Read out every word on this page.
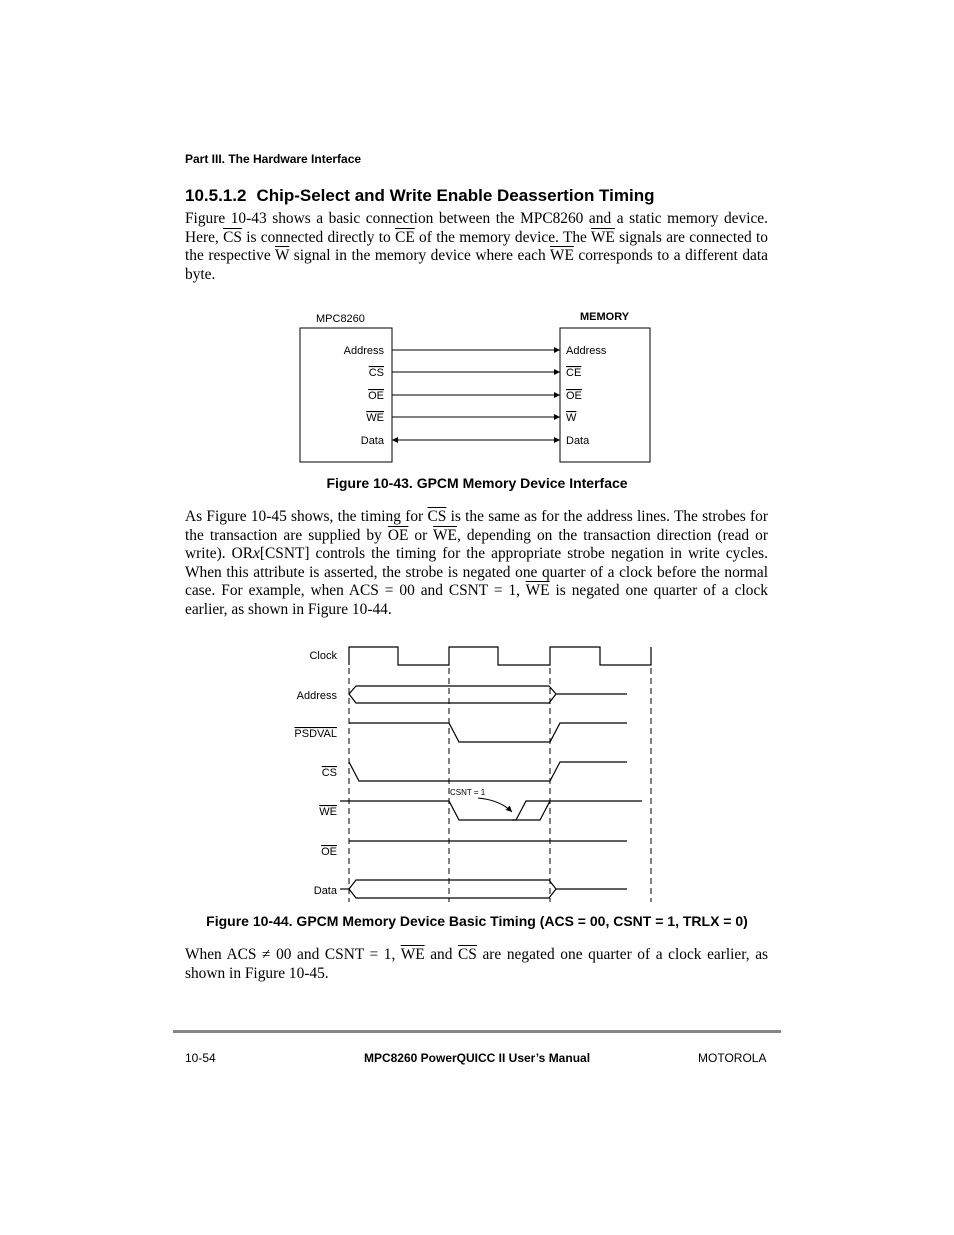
Part III. The Hardware Interface
10.5.1.2 Chip-Select and Write Enable Deassertion Timing
Figure 10-43 shows a basic connection between the MPC8260 and a static memory device. Here, $\overline{CS}$ is connected directly to $\overline{CE}$ of the memory device. The $\overline{WE}$ signals are connected to the respective $\overline{W}$ signal in the memory device where each $\overline{WE}$ corresponds to a different data byte.
MPC8260	MEMORY
Address
CS
OE
WE
Data
Address
CE
OE
W
Data
Clock
Address
PSDVAL
CS
WE
OE
Data
CSNT = 1
Figure 10-43. GPCM Memory Device Interface
As Figure 10-45 shows, the timing for $\overline{CS}$ is the same as for the address lines. The strobes for the transaction are supplied by $\overline{OE}$ or $\overline{WE}$, depending on the transaction direction (read or write). ORx[CSNT] controls the timing for the appropriate strobe negation in write cycles. When this attribute is asserted, the strobe is negated one quarter of a clock before the normal case. For example, when ACS = 00 and CSNT = 1, $\overline{WE}$ is negated one quarter of a clock earlier, as shown in Figure 10-44.
Figure 10-44. GPCM Memory Device Basic Timing (ACS = 00, CSNT = 1, TRLX = 0)
When ACS ≠ 00 and CSNT = 1, $\overline{WE}$ and $\overline{CS}$ are negated one quarter of a clock earlier, as shown in Figure 10-45.
10-54	MPC8260 PowerQUICC II User’s Manual	MOTOROLA
